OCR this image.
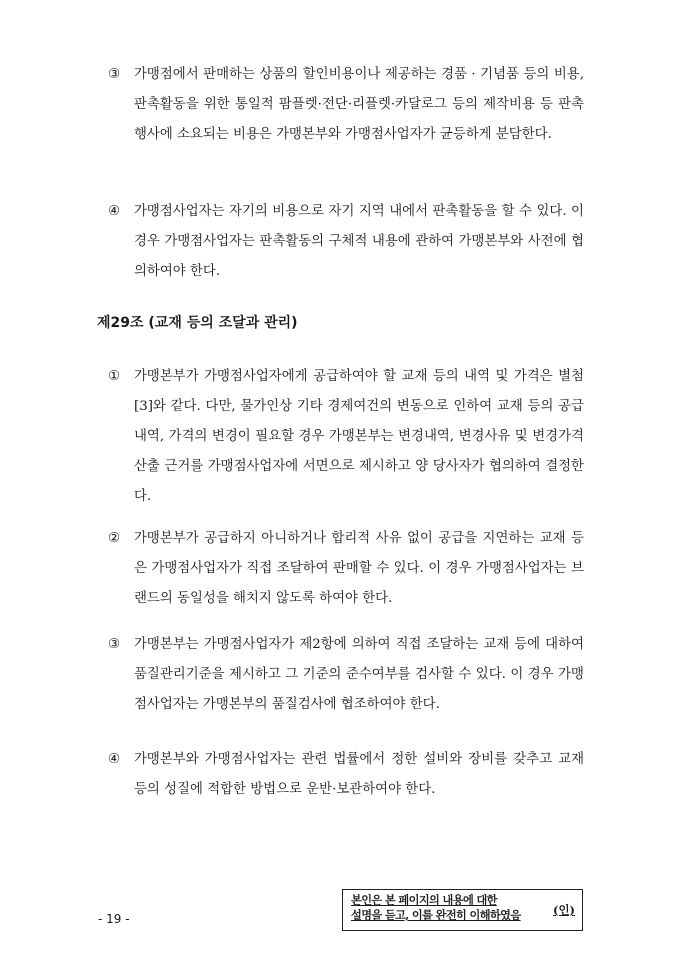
③	가맹점에서 판매하는 상품의 할인비용이나 제공하는 경품 · 기념품 등의 비용, 판촉활동을 위한 통일적 팜플렛·전단·리플렛·카달로그 등의 제작비용 등 판촉행사에 소요되는 비용은 가맹본부와 가맹점사업자가 균등하게 분담한다.
④	가맹점사업자는 자기의 비용으로 자기 지역 내에서 판촉활동을 할 수 있다. 이 경우 가맹점사업자는 판촉활동의 구체적 내용에 관하여 가맹본부와 사전에 협의하여야 한다.
제29조 (교재 등의 조달과 관리)
①	가맹본부가 가맹점사업자에게 공급하여야 할 교재 등의 내역 및 가격은 별첨[3]와 같다. 다만, 물가인상 기타 경제여건의 변동으로 인하여 교재 등의 공급내역, 가격의 변경이 필요할 경우 가맹본부는 변경내역, 변경사유 및 변경가격 산출 근거를 가맹점사업자에 서면으로 제시하고 양 당사자가 협의하여 결정한다.
②	가맹본부가 공급하지 아니하거나 합리적 사유 없이 공급을 지연하는 교재 등은 가맹점사업자가 직접 조달하여 판매할 수 있다. 이 경우 가맹점사업자는 브랜드의 동일성을 해치지 않도록 하여야 한다.
③	가맹본부는 가맹점사업자가 제2항에 의하여 직접 조달하는 교재 등에 대하여 품질관리기준을 제시하고 그 기준의 준수여부를 검사할 수 있다. 이 경우 가맹점사업자는 가맹본부의 품질검사에 협조하여야 한다.
④	가맹본부와 가맹점사업자는 관련 법률에서 정한 설비와 장비를 갖추고 교재 등의 성질에 적합한 방법으로 운반·보관하여야 한다.
- 19 -
본인은 본 페이지의 내용에 대한
설명을 듣고, 이를 완전히 이해하였음	(인)
